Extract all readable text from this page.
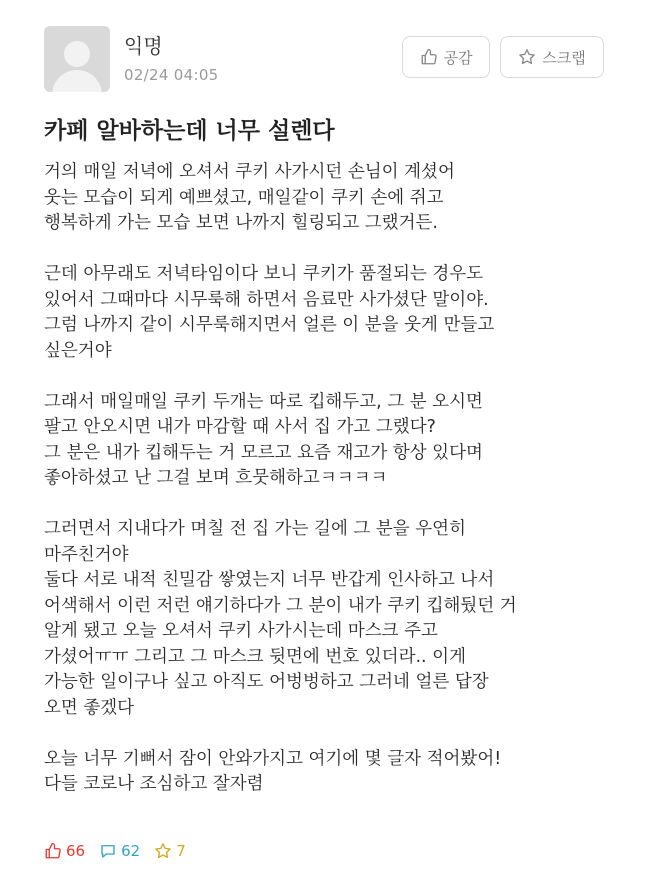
익명
02/24 04:05
공감	스크랩
카페 알바하는데 너무 설렌다
거의 매일 저녁에 오셔서 쿠키 사가시던 손님이 계셨어
웃는 모습이 되게 예쁘셨고, 매일같이 쿠키 손에 쥐고
행복하게 가는 모습 보면 나까지 힐링되고 그랬거든.
근데 아무래도 저녁타임이다 보니 쿠키가 품절되는 경우도
있어서 그때마다 시무룩해 하면서 음료만 사가셨단 말이야.
그럼 나까지 같이 시무룩해지면서 얼른 이 분을 웃게 만들고
싶은거야
그래서 매일매일 쿠키 두개는 따로 킵해두고, 그 분 오시면
팔고 안오시면 내가 마감할 때 사서 집 가고 그랬다?
그 분은 내가 킵해두는 거 모르고 요즘 재고가 항상 있다며
좋아하셨고 난 그걸 보며 흐뭇해하고ㅋㅋㅋㅋ
그러면서 지내다가 며칠 전 집 가는 길에 그 분을 우연히
마주친거야
둘다 서로 내적 친밀감 쌓였는지 너무 반갑게 인사하고 나서
어색해서 이런 저런 얘기하다가 그 분이 내가 쿠키 킵해뒀던 거
알게 됐고 오늘 오셔서 쿠키 사가시는데 마스크 주고
가셨어ㅠㅠ 그리고 그 마스크 뒷면에 번호 있더라.. 이게
가능한 일이구나 싶고 아직도 어벙벙하고 그러네 얼른 답장
오면 좋겠다
오늘 너무 기뻐서 잠이 안와가지고 여기에 몇 글자 적어봤어!
다들 코로나 조심하고 잘자렴
66 62 7
